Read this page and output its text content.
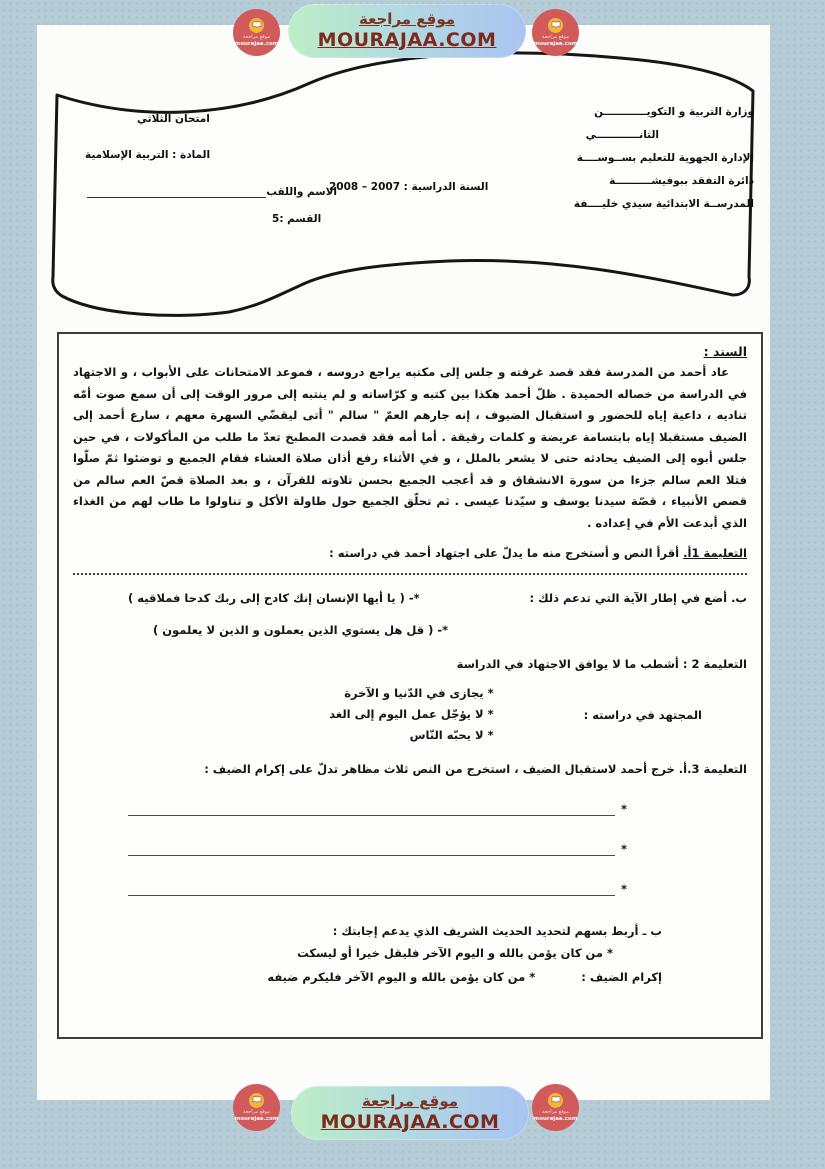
موقع مراجعة
mourajaa.com
موقع مراجعة
MOURAJAA.COM	موقع مراجعة
mourajaa.com
وزارة التربية و التكويــــــــــــن
الثانــــــــــــي
الإدارة الجهوية للتعليم بســوســــة
دائرة التفقد ببوفيشــــــــــة
المدرســة الابتدائية سيدي خليــــفة
امتحان الثلاثي
المادة : التربية الإسلامية
السنة الدراسية : 2007 – 2008
الاسم واللقب
القسم :5
السند :
عاد أحمد من المدرسة فقد قصد غرفته و جلس إلى مكتبه يراجع دروسه ، فموعد الامتحانات على الأبواب ، و الاجتهاد في الدراسة من خصاله الحميدة . ظلّ أحمد هكذا بين كتبه و كرّاساته و لم ينتبه إلى مرور الوقت إلى أن سمع صوت أمّه تناديه ، داعية إياه للحضور و استقبال الضيوف ، إنه جارهم العمّ " سالم " أتى ليقضّي السهرة معهم ، سارع أحمد إلى الضيف مستقبلا إياه بابتسامة عريضة و كلمات رقيقة . أما أمه فقد قصدت المطبخ تعدّ ما طلب من المأكولات ، في حين جلس أبوه إلى الضيف يحادثه حتى لا يشعر بالملل ، و في الأثناء رفع أذان صلاة العشاء فقام الجميع و توضئوا ثمّ صلّوا فتلا العم سالم جزءا من سورة الانشقاق و قد أعجب الجميع بحسن تلاوته للقرآن ، و بعد الصلاة قصّ العم سالم من قصص الأنبياء ، قصّة سيدنا يوسف و سيّدنا عيسى . ثم تحلّق الجميع حول طاولة الأكل و تناولوا ما طاب لهم من الغذاء الذي أبدعت الأم في إعداده .
التعليمة 1أ. أقرأ النص و أستخرج منه ما يدلّ على اجتهاد أحمد في دراسته :
ب. أضع في إطار الآية التي تدعم ذلك :
*- ( يا أيها الإنسان إنك كادح إلى ربك كدحا فملاقيه )
*- ( قل هل يستوي الذين يعملون و الذين لا يعلمون )
التعليمة 2 : أشطب ما لا يوافق الاجتهاد في الدراسة
المجتهد في دراسته :
* يجازى في الدّنيا و الآخرة
* لا يؤجّل عمل اليوم إلى الغد
* لا يحبّه النّاس
التعليمة 3.أ. خرج أحمد لاستقبال الضيف ، استخرج من النص ثلاث مظاهر تدلّ على إكرام الضيف :
*
*
*
ب ـ أربط بسهم لتحديد الحديث الشريف الذي يدعم إجابتك :
* من كان يؤمن بالله و اليوم الآخر فليقل خيرا أو ليسكت
إكرام الضيف :
* من كان يؤمن بالله و اليوم الآخر فليكرم ضيفه
موقع مراجعة
mourajaa.com
موقع مراجعة
MOURAJAA.COM	موقع مراجعة
mourajaa.com
